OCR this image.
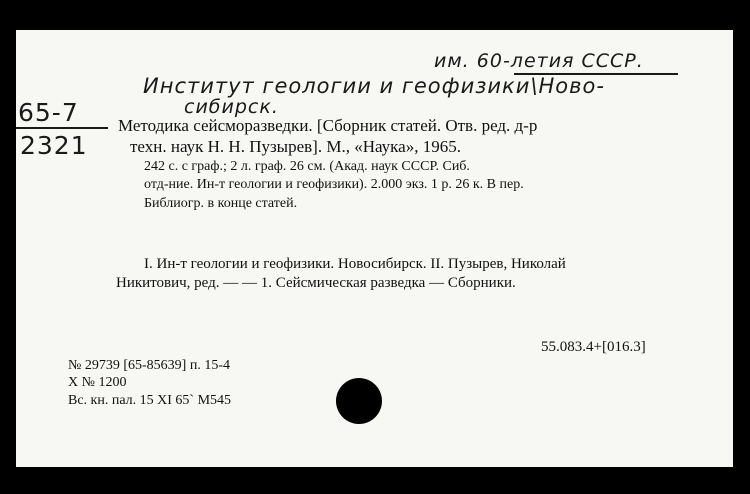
им. 60-летия СССР.
Институт геологии и геофизики\Ново-
сибирск.
65-7
2321
Методика сейсморазведки. [Сборник статей. Отв. ред. д-р
техн. наук Н. Н. Пузырев]. М., «Наука», 1965.
242 с. с граф.; 2 л. граф. 26 см. (Акад. наук СССР. Сиб.
отд-ние. Ин-т геологии и геофизики). 2.000 экз. 1 р. 26 к. В пер.
Библиогр. в конце статей.
I. Ин-т геологии и геофизики. Новосибирск. II. Пузырев, Николай
Никитович, ред. — — 1. Сейсмическая разведка — Сборники.
55.083.4+[016.3]
№ 29739 [65-85639] п. 15-4
X № 1200
Вс. кн. пал. 15 XI 65` M545
